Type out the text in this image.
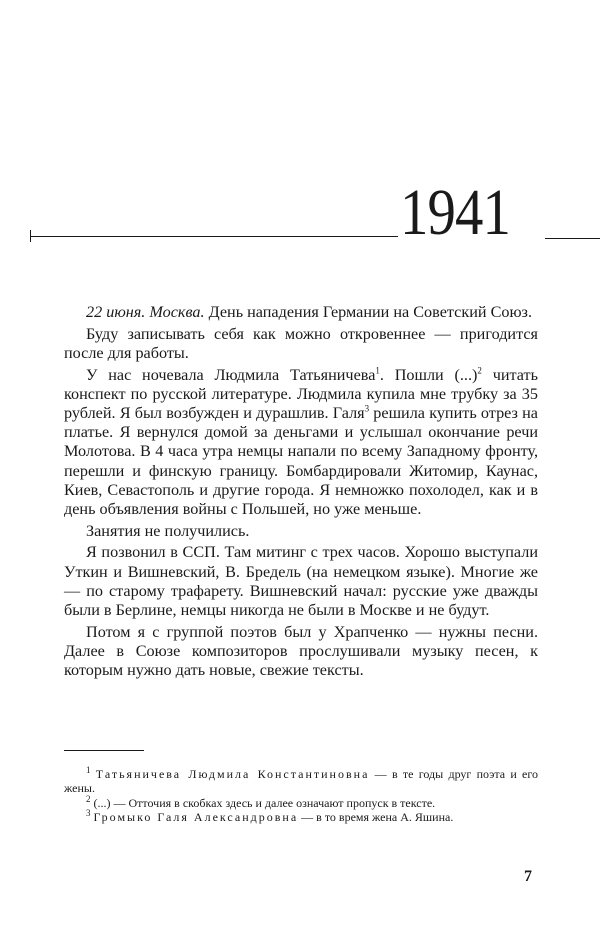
1941

22 июня. Москва. День нападения Германии на Советский Союз.

Буду записывать себя как можно откровеннее — пригодится после для работы.

У нас ночевала Людмила Татьяничева$^1$. Пошли (...)$^2$ читать конспект по русской литературе. Людмила купила мне трубку за 35 рублей. Я был возбужден и дурашлив. Галя$^3$ решила купить отрез на платье. Я вернулся домой за деньгами и услышал окончание речи Молотова. В 4 часа утра немцы напали по всему Западному фронту, перешли и финскую границу. Бомбардировали Житомир, Каунас, Киев, Севастополь и другие города. Я немножко похолодел, как и в день объявления войны с Польшей, но уже меньше.

Занятия не получились.

Я позвонил в ССП. Там митинг с трех часов. Хорошо выступали Уткин и Вишневский, В. Бредель (на немецком языке). Многие же — по старому трафарету. Вишневский начал: русские уже дважды были в Берлине, немцы никогда не были в Москве и не будут.

Потом я с группой поэтов был у Храпченко — нужны песни. Далее в Союзе композиторов прослушивали музыку песен, к которым нужно дать новые, свежие тексты.

$^1$ Татьяничева Людмила Константиновна — в те годы друг поэта и его жены.

$^2$ (...) — Отточия в скобках здесь и далее означают пропуск в тексте.

$^3$ Громыко Галя Александровна — в то время жена А. Яшина.

7
